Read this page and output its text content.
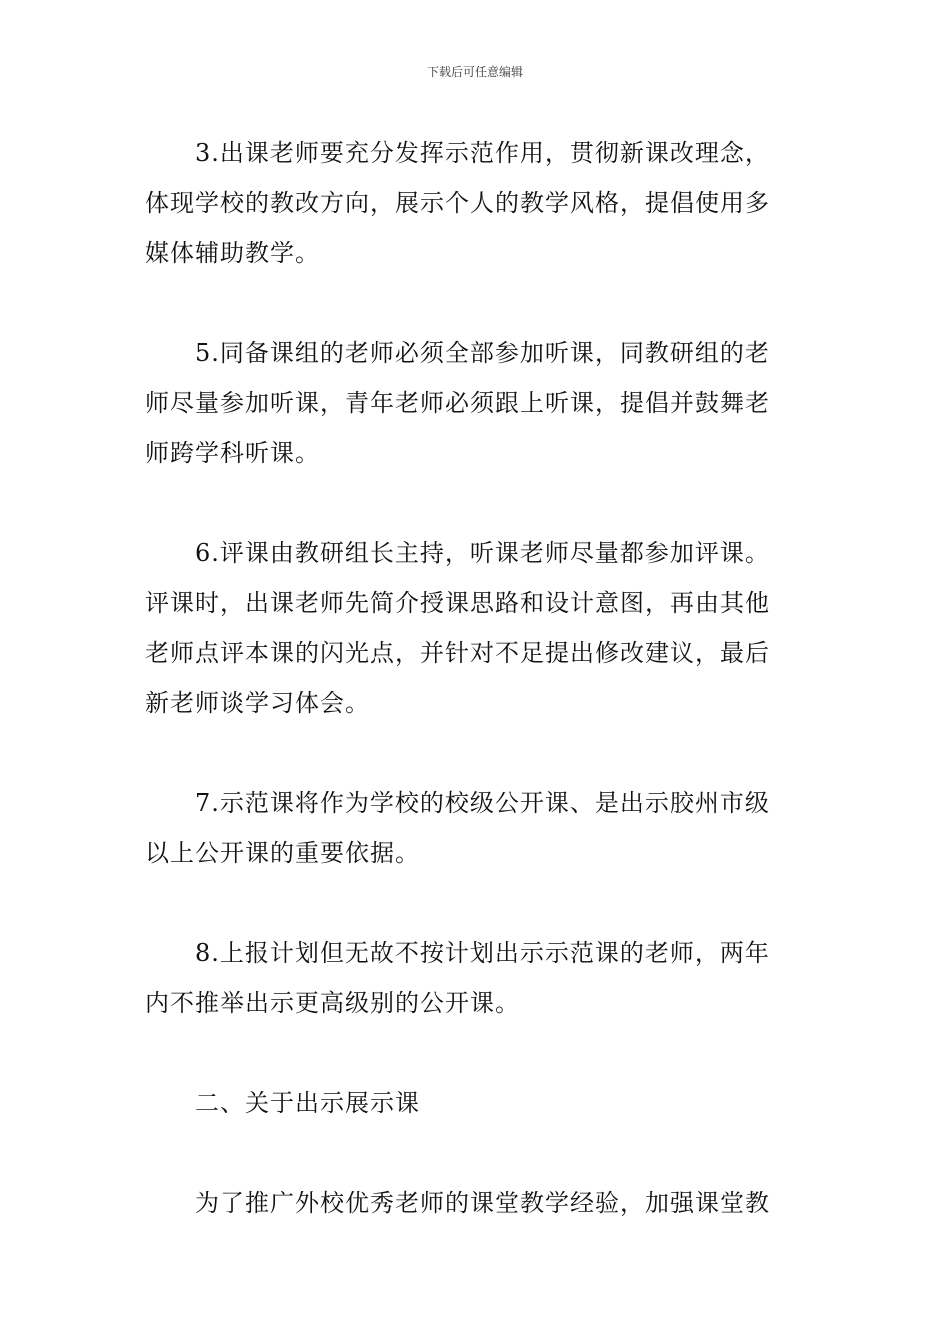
下载后可任意编辑
3.出课老师要充分发挥示范作用，贯彻新课改理念，
体现学校的教改方向，展示个人的教学风格，提倡使用多
媒体辅助教学。
5.同备课组的老师必须全部参加听课，同教研组的老
师尽量参加听课，青年老师必须跟上听课，提倡并鼓舞老
师跨学科听课。
6.评课由教研组长主持，听课老师尽量都参加评课。
评课时，出课老师先简介授课思路和设计意图，再由其他
老师点评本课的闪光点，并针对不足提出修改建议，最后
新老师谈学习体会。
7.示范课将作为学校的校级公开课、是出示胶州市级
以上公开课的重要依据。
8.上报计划但无故不按计划出示示范课的老师，两年
内不推举出示更高级别的公开课。
二、关于出示展示课
为了推广外校优秀老师的课堂教学经验，加强课堂教
